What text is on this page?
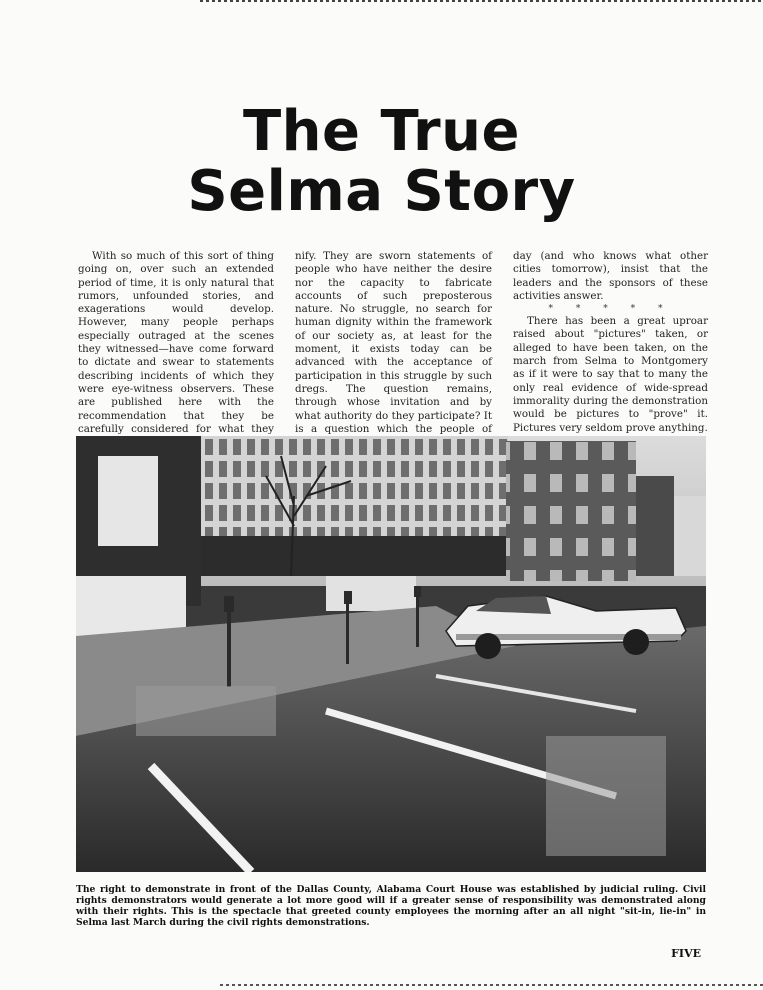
The True
Selma Story

With so much of this sort of thing going on, over such an extended period of time, it is only natural that rumors, unfounded stories, and exagerations would develop. However, many people perhaps especially outraged at the scenes they witnessed—have come forward to dictate and swear to statements describing incidents of which they were eye-witness observers. These are published here with the recommendation that they be carefully considered for what they

nify. They are sworn statements of people who have neither the desire nor the capacity to fabricate accounts of such preposterous nature. No struggle, no search for human dignity within the framework of our society as, at least for the moment, it exists today can be advanced with the acceptance of participation in this struggle by such dregs. The question remains, through whose invitation and by what authority do they participate? It is a question which the people of

day (and who knows what other cities tomorrow), insist that the leaders and the sponsors of these activities answer.

* * * * *

There has been a great uproar raised about "pictures" taken, or alleged to have been taken, on the march from Selma to Montgomery as if it were to say that to many the only real evidence of wide-spread immorality during the demonstration would be pictures to "prove" it. Pictures very seldom prove anything.

The right to demonstrate in front of the Dallas County, Alabama Court House was established by judicial ruling. Civil rights demonstrators would generate a lot more good will if a greater sense of responsibility was demonstrated along with their rights. This is the spectacle that greeted county employees the morning after an all night "sit-in, lie-in" in Selma last March during the civil rights demonstrations.

FIVE
